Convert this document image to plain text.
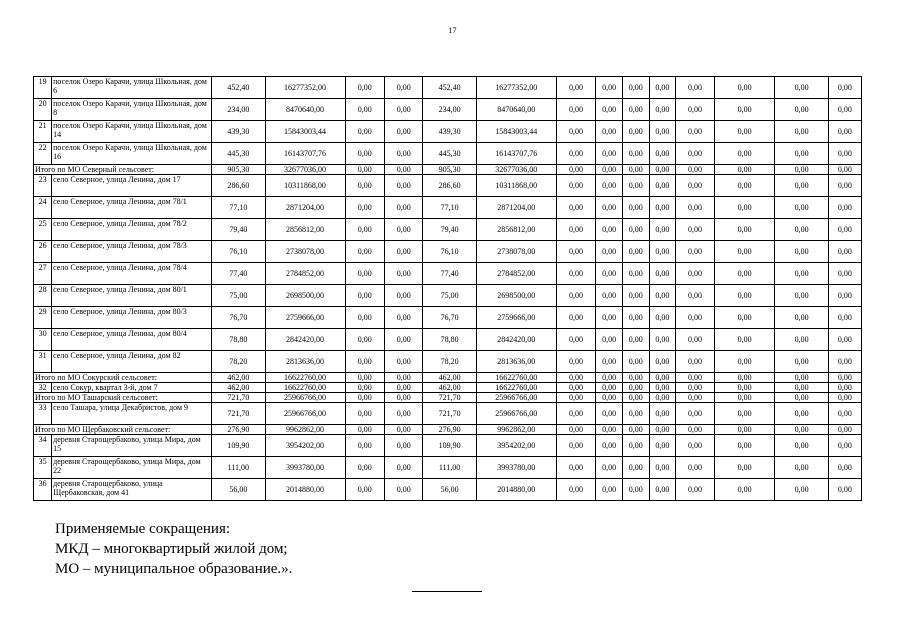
17
19	поселок Озеро Карачи, улица Школьная, дом 6	452,40	16277352,00	0,00	0,00	452,40	16277352,00	0,00	0,00	0,00	0,00	0,00	0,00	0,00	0,00
20	поселок Озеро Карачи, улица Школьная, дом 8	234,00	8470640,00	0,00	0,00	234,00	8470640,00	0,00	0,00	0,00	0,00	0,00	0,00	0,00	0,00
21	поселок Озеро Карачи, улица Школьная, дом 14	439,30	15843003,44	0,00	0,00	439,30	15843003,44	0,00	0,00	0,00	0,00	0,00	0,00	0,00	0,00
22	поселок Озеро Карачи, улица Школьная, дом 16	445,30	16143707,76	0,00	0,00	445,30	16143707,76	0,00	0,00	0,00	0,00	0,00	0,00	0,00	0,00
Итого по МО Северный сельсовет:		905,30	32677036,00	0,00	0,00	905,30	32677036,00	0,00	0,00	0,00	0,00	0,00	0,00	0,00	0,00
23	село Северное, улица Ленина, дом 17	286,60	10311868,00	0,00	0,00	286,60	10311868,00	0,00	0,00	0,00	0,00	0,00	0,00	0,00	0,00
24	село Северное, улица Ленина, дом 78/1	77,10	2871204,00	0,00	0,00	77,10	2871204,00	0,00	0,00	0,00	0,00	0,00	0,00	0,00	0,00
25	село Северное, улица Ленина, дом 78/2	79,40	2856812,00	0,00	0,00	79,40	2856812,00	0,00	0,00	0,00	0,00	0,00	0,00	0,00	0,00
26	село Северное, улица Ленина, дом 78/3	76,10	2738078,00	0,00	0,00	76,10	2738078,00	0,00	0,00	0,00	0,00	0,00	0,00	0,00	0,00
27	село Северное, улица Ленина, дом 78/4	77,40	2784852,00	0,00	0,00	77,40	2784852,00	0,00	0,00	0,00	0,00	0,00	0,00	0,00	0,00
28	село Северное, улица Ленина, дом 80/1	75,00	2698500,00	0,00	0,00	75,00	2698500,00	0,00	0,00	0,00	0,00	0,00	0,00	0,00	0,00
29	село Северное, улица Ленина, дом 80/3	76,70	2759666,00	0,00	0,00	76,70	2759666,00	0,00	0,00	0,00	0,00	0,00	0,00	0,00	0,00
30	село Северное, улица Ленина, дом 80/4	78,80	2842420,00	0,00	0,00	78,80	2842420,00	0,00	0,00	0,00	0,00	0,00	0,00	0,00	0,00
31	село Северное, улица Ленина, дом 82	78,20	2813636,00	0,00	0,00	78,20	2813636,00	0,00	0,00	0,00	0,00	0,00	0,00	0,00	0,00
Итого по МО Сокурский сельсовет:		462,00	16622760,00	0,00	0,00	462,00	16622760,00	0,00	0,00	0,00	0,00	0,00	0,00	0,00	0,00
32	село Сокур, квартал 3-й, дом 7	462,00	16622760,00	0,00	0,00	462,00	16622760,00	0,00	0,00	0,00	0,00	0,00	0,00	0,00	0,00
Итого по МО Ташарский сельсовет:		721,70	25966766,00	0,00	0,00	721,70	25966766,00	0,00	0,00	0,00	0,00	0,00	0,00	0,00	0,00
33	село Ташара, улица Декабристов, дом 9	721,70	25966766,00	0,00	0,00	721,70	25966766,00	0,00	0,00	0,00	0,00	0,00	0,00	0,00	0,00
Итого по МО Щербаковский сельсовет:		276,90	9962862,00	0,00	0,00	276,90	9962862,00	0,00	0,00	0,00	0,00	0,00	0,00	0,00	0,00
34	деревня Старощербаково, улица Мира, дом 15	109,90	3954202,00	0,00	0,00	109,90	3954202,00	0,00	0,00	0,00	0,00	0,00	0,00	0,00	0,00
35	деревня Старощербаково, улица Мира, дом 22	111,00	3993780,00	0,00	0,00	111,00	3993780,00	0,00	0,00	0,00	0,00	0,00	0,00	0,00	0,00
36	деревня Старощербаково, улица Щербаковская, дом 41	56,00	2014880,00	0,00	0,00	56,00	2014880,00	0,00	0,00	0,00	0,00	0,00	0,00	0,00	0,00
Применяемые сокращения:
МКД – многоквартирый жилой дом;
МО – муниципальное образование.».
